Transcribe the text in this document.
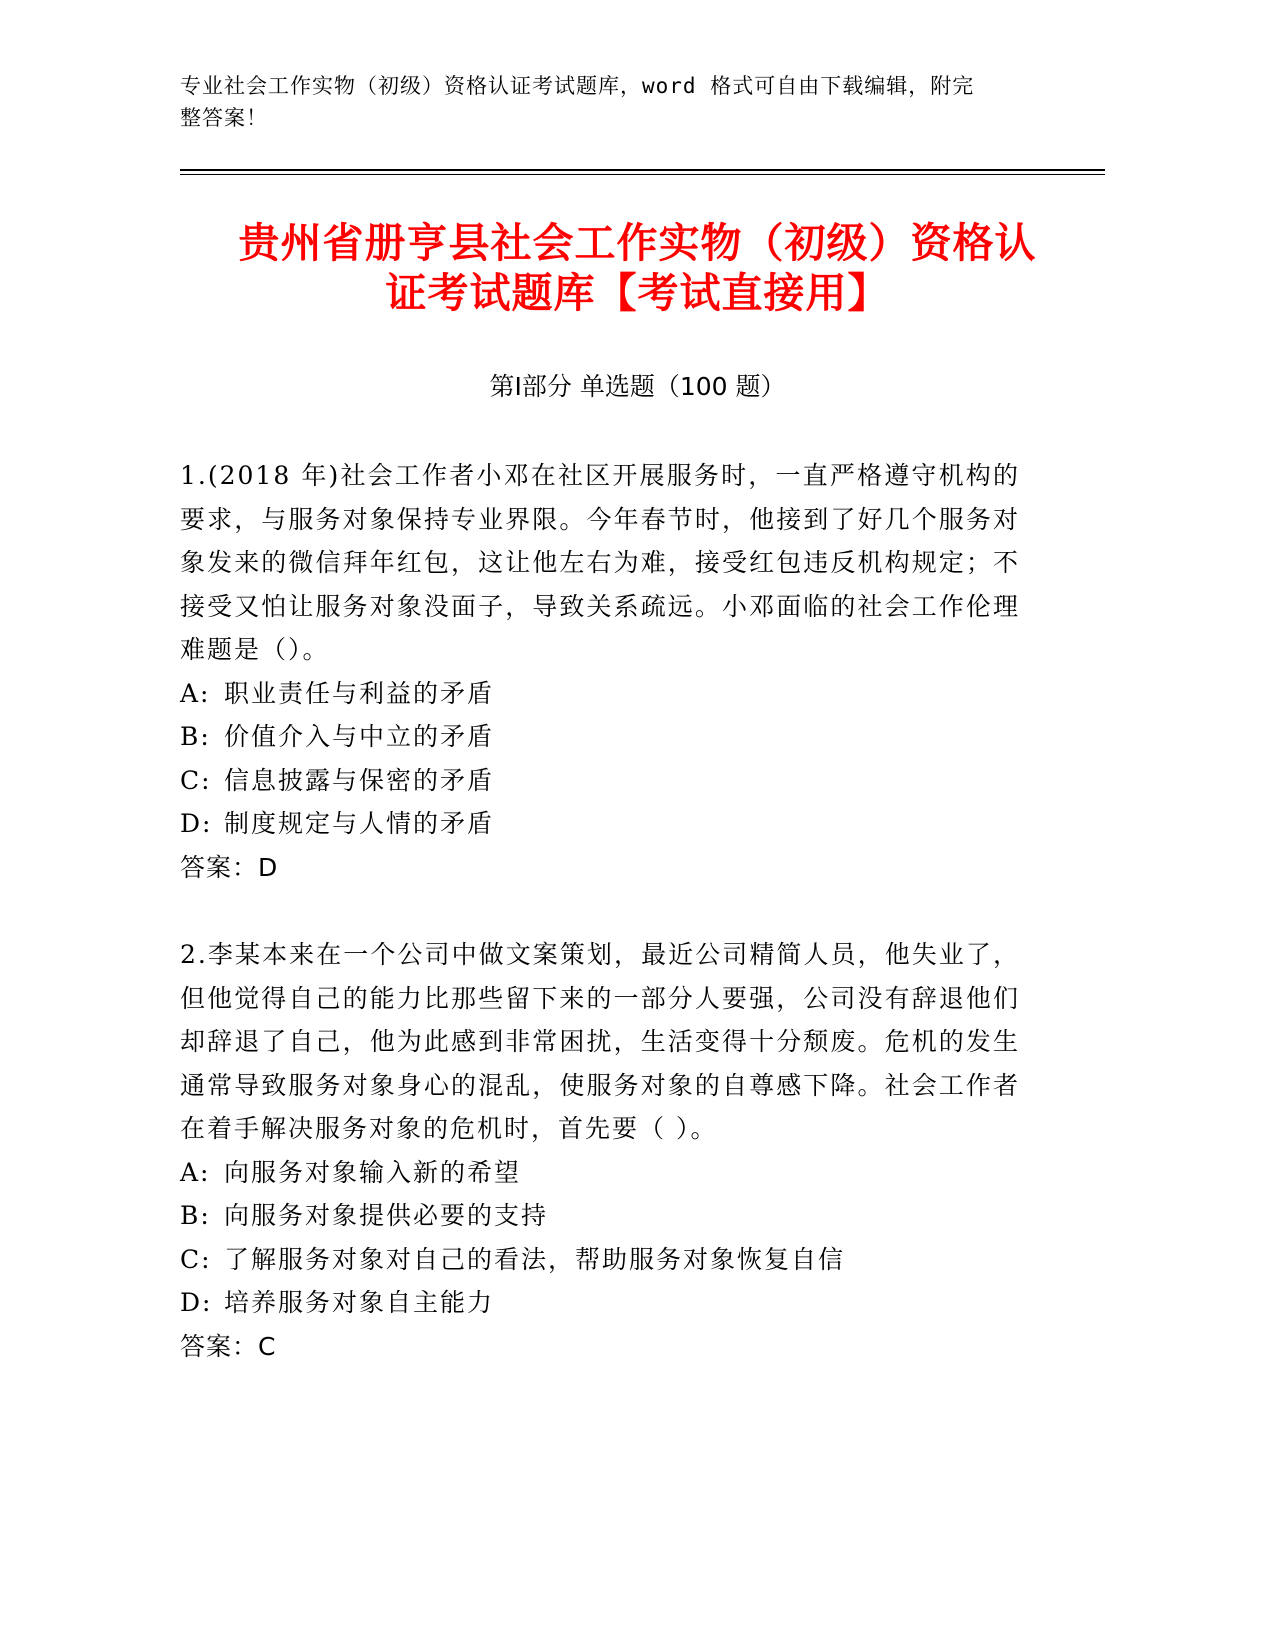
专业社会工作实物（初级）资格认证考试题库，word 格式可自由下载编辑，附完
整答案！
贵州省册亨县社会工作实物（初级）资格认
证考试题库【考试直接用】
第Ⅰ部分 单选题（100 题）
1.(2018 年)社会工作者小邓在社区开展服务时，一直严格遵守机构的要求，与服务对象保持专业界限。今年春节时，他接到了好几个服务对象发来的微信拜年红包，这让他左右为难，接受红包违反机构规定；不接受又怕让服务对象没面子，导致关系疏远。小邓面临的社会工作伦理难题是（）。
A: 职业责任与利益的矛盾
B: 价值介入与中立的矛盾
C: 信息披露与保密的矛盾
D: 制度规定与人情的矛盾
答案：D
2.李某本来在一个公司中做文案策划，最近公司精简人员，他失业了，但他觉得自己的能力比那些留下来的一部分人要强，公司没有辞退他们却辞退了自己，他为此感到非常困扰，生活变得十分颓废。危机的发生通常导致服务对象身心的混乱，使服务对象的自尊感下降。社会工作者在着手解决服务对象的危机时，首先要（ ）。
A: 向服务对象输入新的希望
B: 向服务对象提供必要的支持
C: 了解服务对象对自己的看法，帮助服务对象恢复自信
D: 培养服务对象自主能力
答案：C
